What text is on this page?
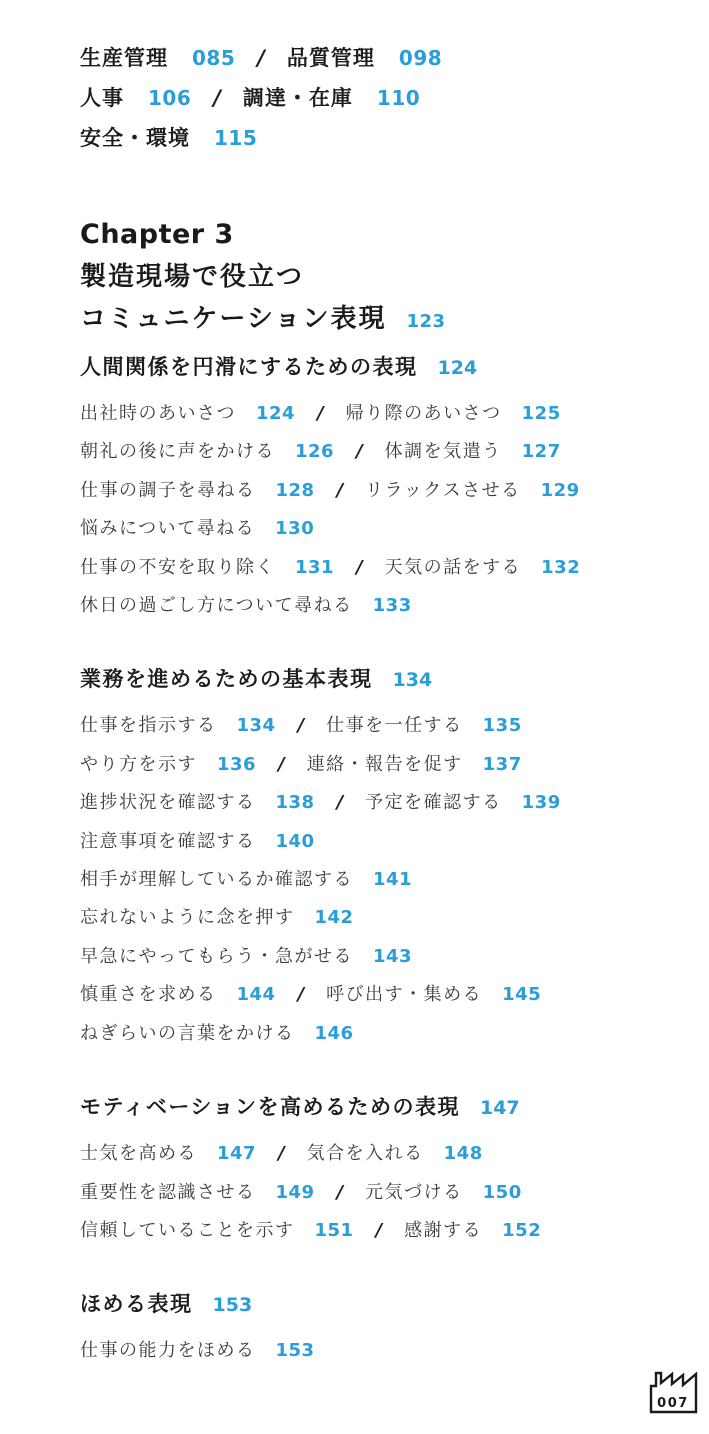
生産管理 085 / 品質管理 098
人事 106 / 調達・在庫 110
安全・環境 115
Chapter 3
製造現場で役立つ
コミュニケーション表現 123
人間関係を円滑にするための表現 124
出社時のあいさつ 124 / 帰り際のあいさつ 125
朝礼の後に声をかける 126 / 体調を気遣う 127
仕事の調子を尋ねる 128 / リラックスさせる 129
悩みについて尋ねる 130
仕事の不安を取り除く 131 / 天気の話をする 132
休日の過ごし方について尋ねる 133
業務を進めるための基本表現 134
仕事を指示する 134 / 仕事を一任する 135
やり方を示す 136 / 連絡・報告を促す 137
進捗状況を確認する 138 / 予定を確認する 139
注意事項を確認する 140
相手が理解しているか確認する 141
忘れないように念を押す 142
早急にやってもらう・急がせる 143
慎重さを求める 144 / 呼び出す・集める 145
ねぎらいの言葉をかける 146
モティベーションを高めるための表現 147
士気を高める 147 / 気合を入れる 148
重要性を認識させる 149 / 元気づける 150
信頼していることを示す 151 / 感謝する 152
ほめる表現 153
仕事の能力をほめる 153
007
